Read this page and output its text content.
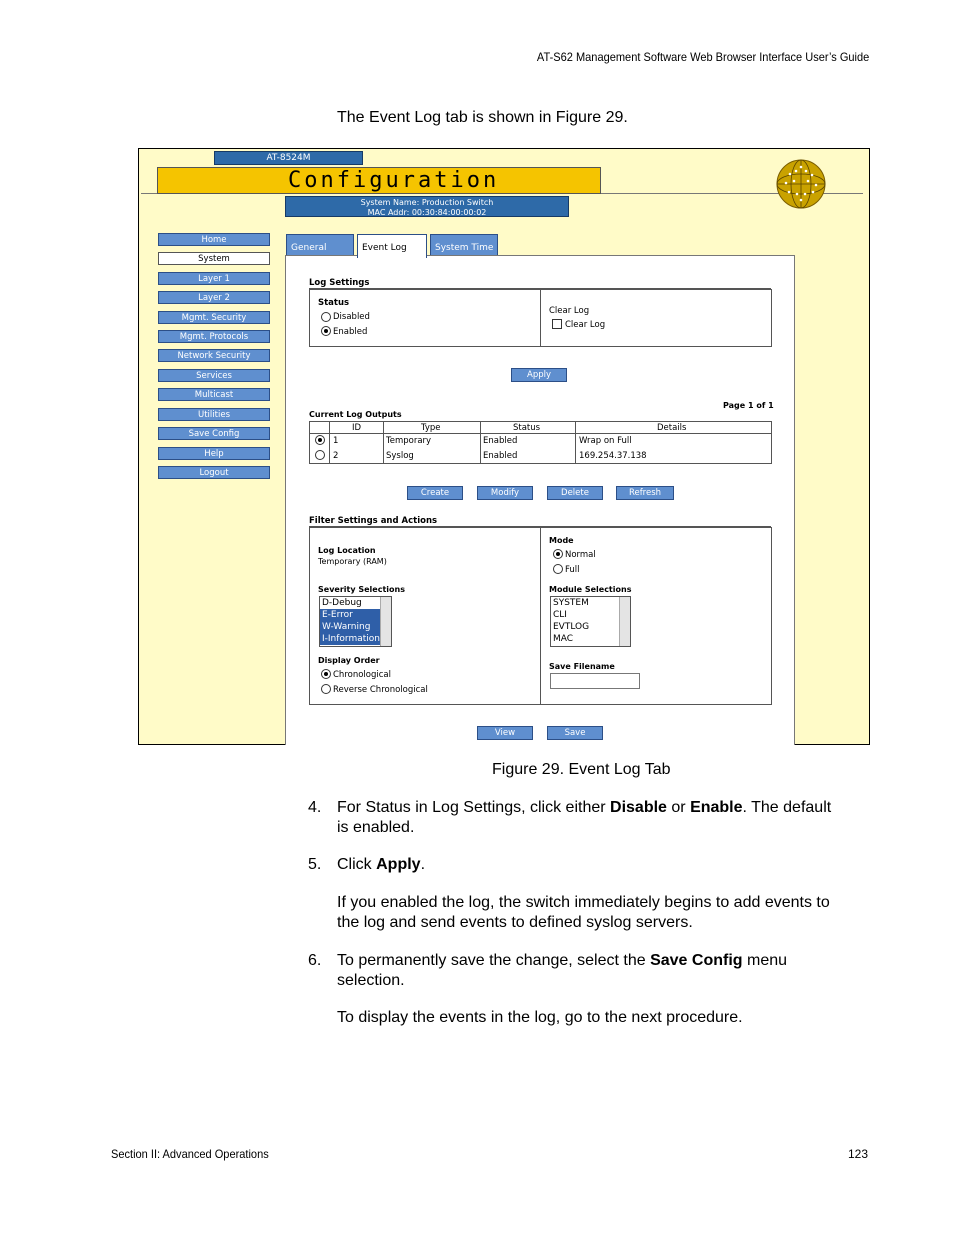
AT-S62 Management Software Web Browser Interface User’s Guide
The Event Log tab is shown in Figure 29.
AT-8524M
Configuration
System Name: Production Switch
MAC Addr: 00:30:84:00:00:02
Home
System
Layer 1
Layer 2
Mgmt. Security
Mgmt. Protocols
Network Security
Services
Multicast
Utilities
Save Config
Help
Logout
General	System Time
Event Log
Log Settings
Status
Disabled
Enabled
Clear Log
Clear Log
Apply
Page 1 of 1
Current Log Outputs
ID	Type	Status	Details
1	Temporary	Enabled	Wrap on Full
2	Syslog	Enabled	169.254.37.138
Create	Modify	Delete	Refresh
Filter Settings and Actions
Log Location
Temporary (RAM)
Mode
Normal
Full
Severity Selections
D-Debug
E-Error
W-Warning
I-Information
Module Selections
SYSTEM
CLI
EVTLOG
MAC
Display Order
Chronological
Reverse Chronological
Save Filename
View	Save
Figure 29. Event Log Tab
4. For Status in Log Settings, click either Disable or Enable. The default
is enabled.
5. Click Apply.
If you enabled the log, the switch immediately begins to add events to
the log and send events to defined syslog servers.
6. To permanently save the change, select the Save Config menu
selection.
To display the events in the log, go to the next procedure.
Section II: Advanced Operations	123
